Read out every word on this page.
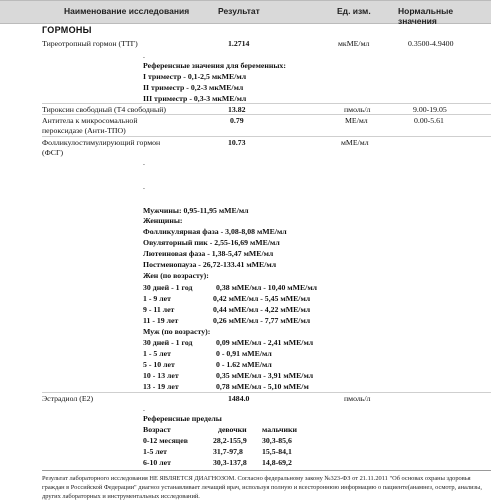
Наименование исследования	Результат	Ед. изм.	Нормальные значения
ГОРМОНЫ
Тиреотропный гормон (ТТГ)	1.2714	мкМЕ/мл	0.3500-4.9400
.
Референсные значения для беременных:
I триместр - 0,1-2,5 мкМЕ/мл
II триместр - 0,2-3 мкМЕ/мл
III триместр - 0,3-3 мкМЕ/мл
Тироксин свободный (Т4 свободный)	13.82	пмоль/л	9.00-19.05
Антитела к микросомальной
пероксидазе (Анти-ТПО)
0.79	МЕ/мл	0.00-5.61
Фолликулостимулирующий гормон
(ФСГ)
10.73	мМЕ/мл
.
.
Мужчины: 0,95-11,95 мМЕ/мл
Женщины:
Фолликулярная фаза - 3,08-8,08 мМЕ/мл
Овуляторный пик - 2,55-16,69 мМЕ/мл
Лютеиновая фаза - 1,38-5,47 мМЕ/мл
Постменопауза - 26,72-133.41 мМЕ/мл
Жен (по возрасту):
30 дней - 1 год	0,38 мМЕ/мл - 10,40 мМЕ/мл
1 - 9 лет	0,42 мМЕ/мл - 5,45 мМЕ/мл
9 - 11 лет	0,44 мМЕ/мл - 4,22 мМЕ/мл
11 - 19 лет	0,26 мМЕ/мл - 7,77 мМЕ/мл
Муж (по возрасту):
30 дней - 1 год	0,09 мМЕ/мл - 2,41 мМЕ/мл
1 - 5 лет	0 - 0,91 мМЕ/мл
5 - 10 лет	0 - 1.62 мМЕ/мл
10 - 13 лет	0,35 мМЕ/мл - 3,91 мМЕ/мл
13 - 19 лет	0,78 мМЕ/мл - 5,10 мМЕ/м
Эстрадиол (Е2)	1484.0	пмоль/л
.
Референсные пределы
Возраст	девочки мальчики
0-12 месяцев	28,2-155,9 30,3-85,6
1-5 лет	31,7-97,8 15,5-84,1
6-10 лет	30,3-137,8 14,8-69,2
Результат лабораторного исследования НЕ ЯВЛЯЕТСЯ ДИАГНОЗОМ. Согласно федеральному закону №323-ФЗ от 21.11.2011 "Об основах охраны здоровья граждан в Российской Федерации" диагноз устанавливает лечащий врач, используя полную и всестороннюю информацию о пациенте(анамнез, осмотр, анализы, других лабораторных и инструментальных исследований.
